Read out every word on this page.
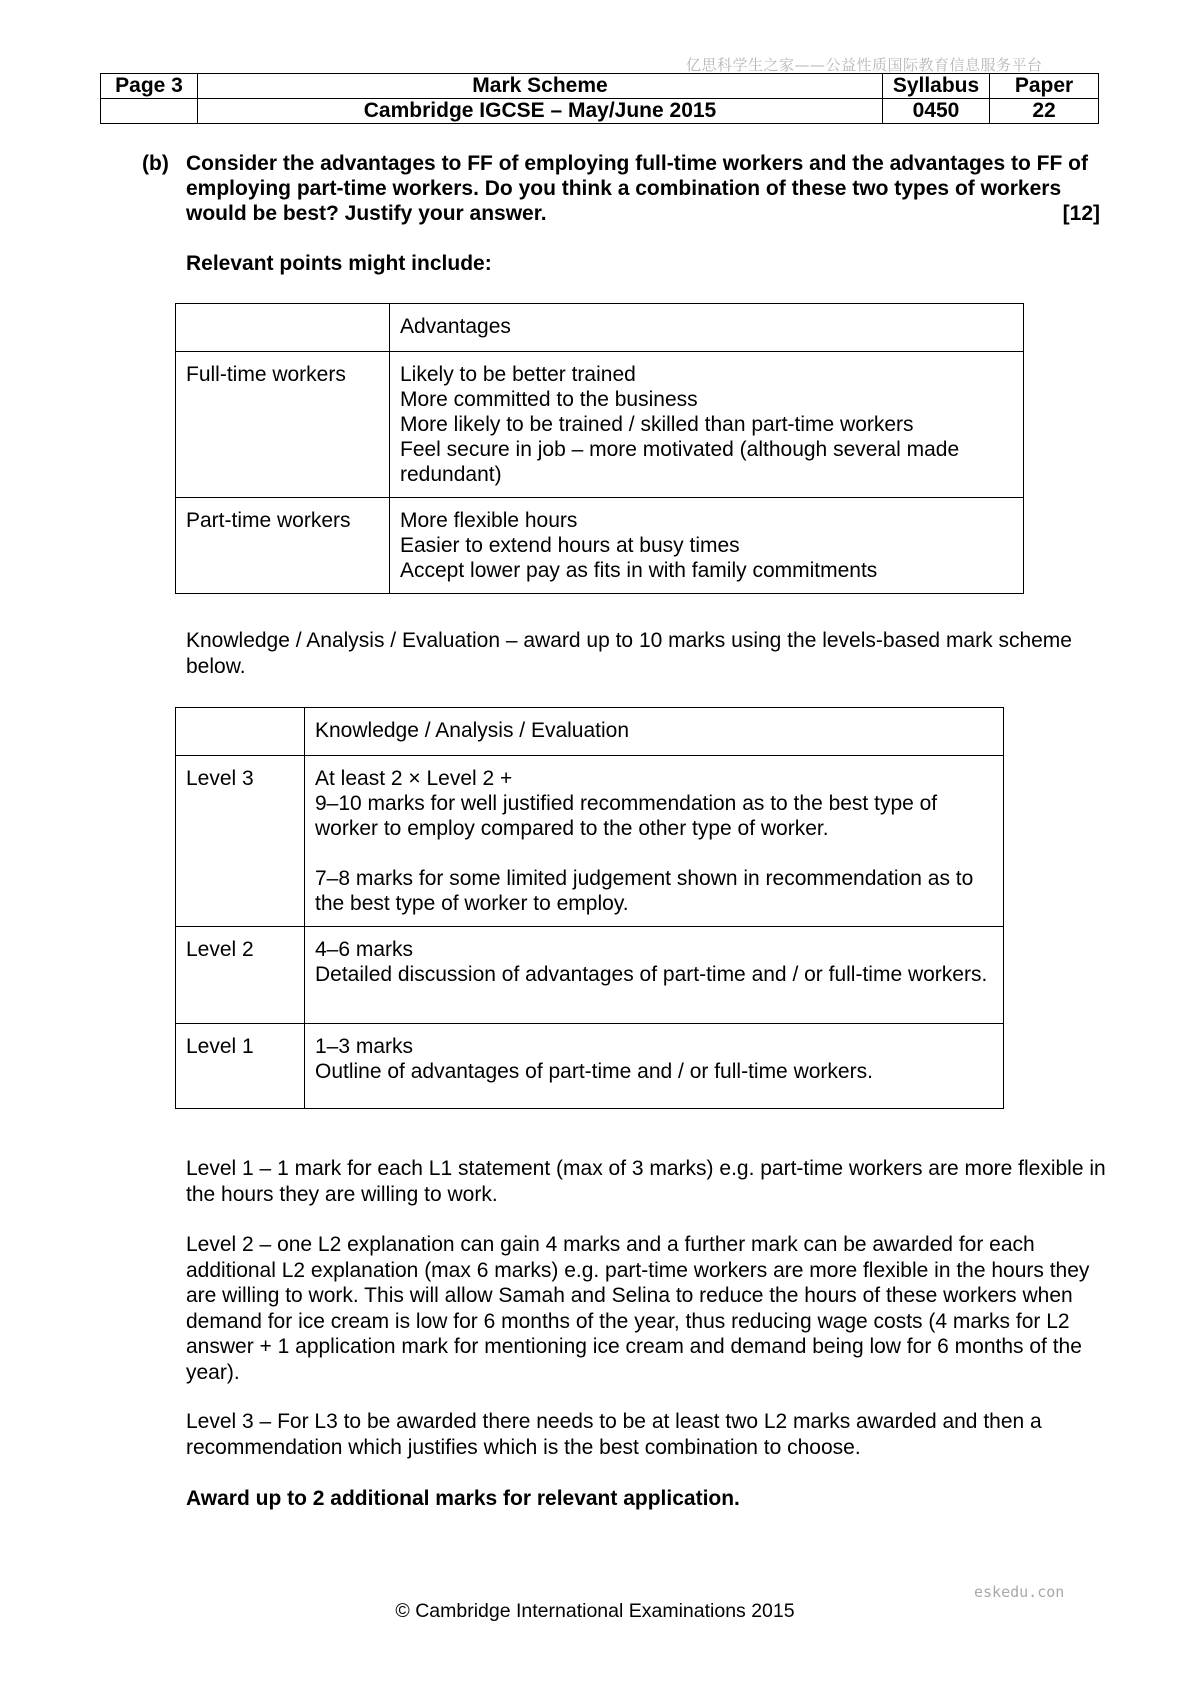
亿思科学生之家——公益性质国际教育信息服务平台
Page 3	Mark Scheme	Syllabus	Paper
	Cambridge IGCSE – May/June 2015	0450	22
(b) Consider the advantages to FF of employing full-time workers and the advantages to FF of employing part-time workers. Do you think a combination of these two types of workers would be best? Justify your answer.	[12]
Relevant points might include:
	Advantages
Full-time workers	Likely to be better trained
More committed to the business
More likely to be trained / skilled than part-time workers
Feel secure in job – more motivated (although several made redundant)

Part-time workers	More flexible hours
Easier to extend hours at busy times
Accept lower pay as fits in with family commitments
Knowledge / Analysis / Evaluation – award up to 10 marks using the levels-based mark scheme below.
	Knowledge / Analysis / Evaluation
Level 3	At least 2 × Level 2 +
9–10 marks for well justified recommendation as to the best type of worker to employ compared to the other type of worker.
7–8 marks for some limited judgement shown in recommendation as to the best type of worker to employ.

Level 2	4–6 marks
Detailed discussion of advantages of part-time and / or full-time workers.

Level 1	1–3 marks
Outline of advantages of part-time and / or full-time workers.
Level 1 – 1 mark for each L1 statement (max of 3 marks) e.g. part-time workers are more flexible in the hours they are willing to work.
Level 2 – one L2 explanation can gain 4 marks and a further mark can be awarded for each additional L2 explanation (max 6 marks) e.g. part-time workers are more flexible in the hours they are willing to work. This will allow Samah and Selina to reduce the hours of these workers when demand for ice cream is low for 6 months of the year, thus reducing wage costs (4 marks for L2 answer + 1 application mark for mentioning ice cream and demand being low for 6 months of the year).
Level 3 – For L3 to be awarded there needs to be at least two L2 marks awarded and then a recommendation which justifies which is the best combination to choose.
Award up to 2 additional marks for relevant application.
eskedu.con
© Cambridge International Examinations 2015
